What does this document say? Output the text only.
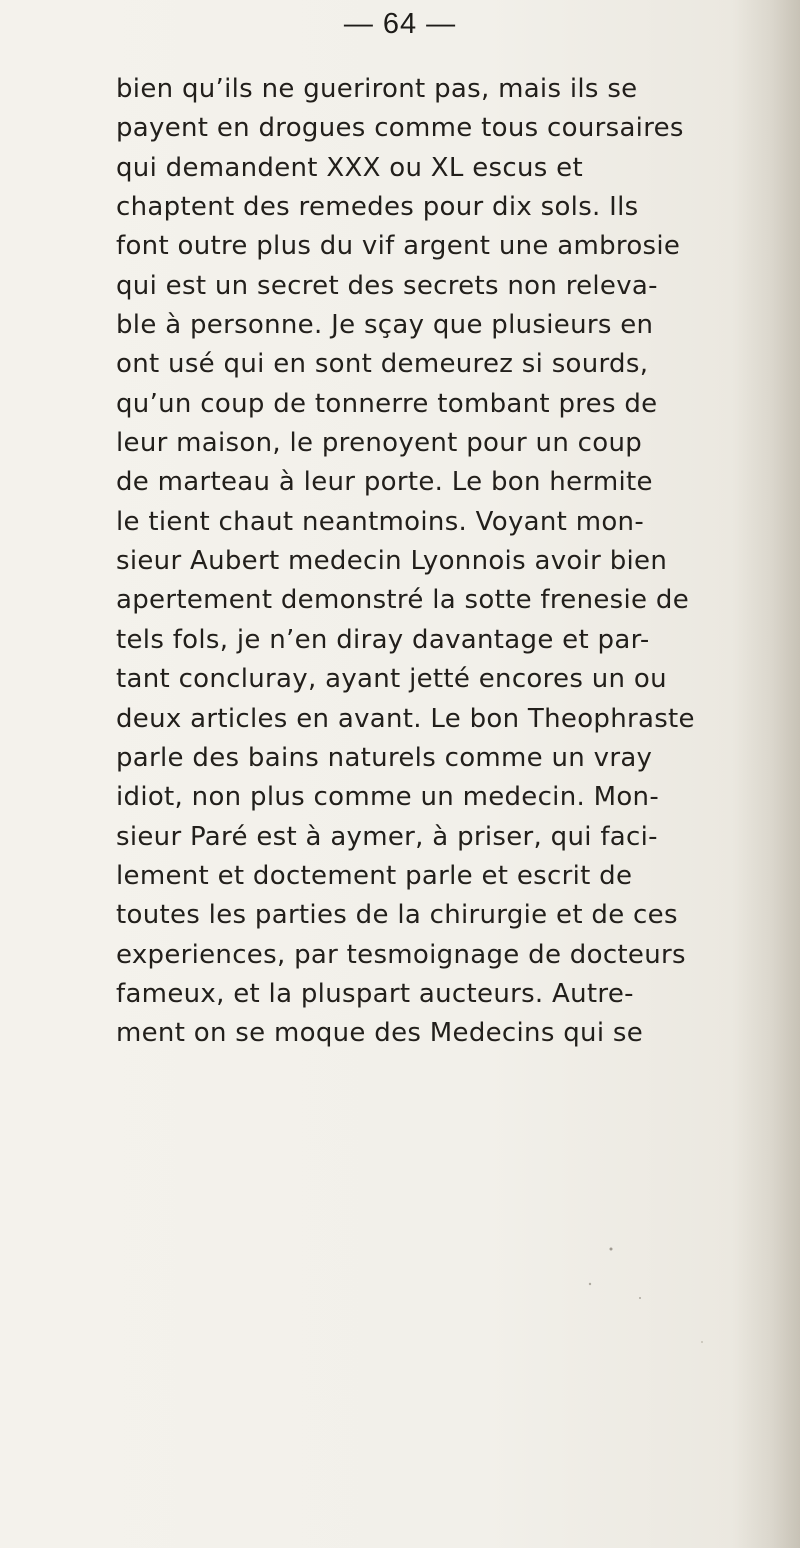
— 64 —
bien qu’ils ne gueriront pas, mais ils se
payent en drogues comme tous coursaires
qui demandent XXX ou XL escus et
chaptent des remedes pour dix sols. Ils
font outre plus du vif argent une ambrosie
qui est un secret des secrets non releva-
ble à personne. Je sçay que plusieurs en
ont usé qui en sont demeurez si sourds,
qu’un coup de tonnerre tombant pres de
leur maison, le prenoyent pour un coup
de marteau à leur porte. Le bon hermite
le tient chaut neantmoins. Voyant mon-
sieur Aubert medecin Lyonnois avoir bien
apertement demonstré la sotte frenesie de
tels fols, je n’en diray davantage et par-
tant concluray, ayant jetté encores un ou
deux articles en avant. Le bon Theophraste
parle des bains naturels comme un vray
idiot, non plus comme un medecin. Mon-
sieur Paré est à aymer, à priser, qui faci-
lement et doctement parle et escrit de
toutes les parties de la chirurgie et de ces
experiences, par tesmoignage de docteurs
fameux, et la pluspart aucteurs. Autre-
ment on se moque des Medecins qui se
